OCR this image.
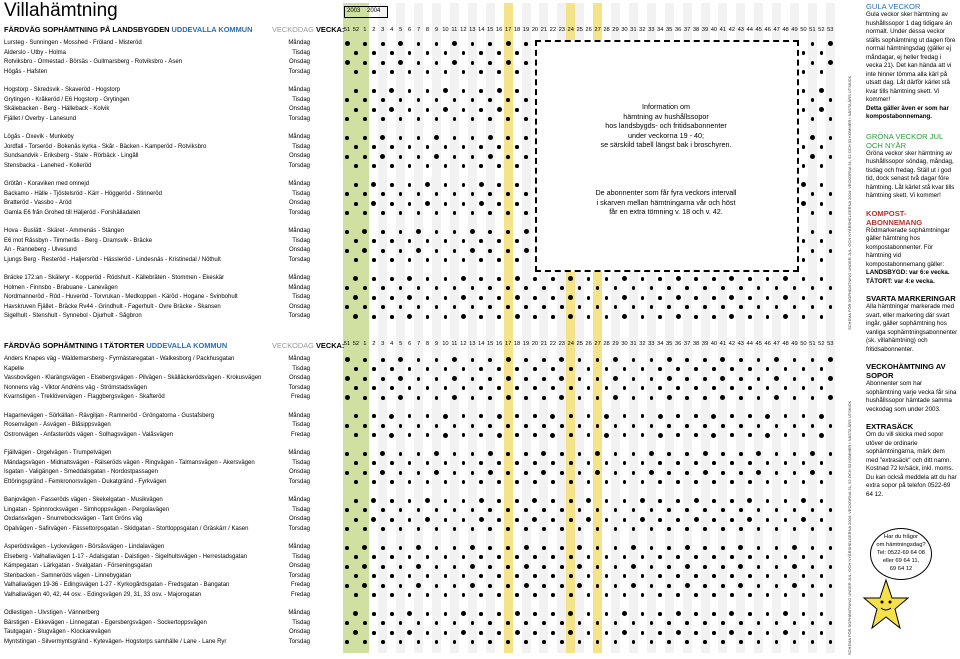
Villahämtning	2003 2004
FÄRDVÄG SOPHÄMTNING PÅ LANDSBYGDEN UDDEVALLA KOMMUN	VECKODAG VECKA: 51 52 1 2 3 4 5 6 7 8 9 10 11 12 13 14 15 16 17 18 19 20 21 22 23 24 25 26 27 28 29 30 31 32 33 34 35 36 37 38 39 40 41 42 43 44 45 46 47 48 49 50 51 52 53
Lursteg - Sunningen - Mosshed - Fröland - Misteröd	Måndag
Älderslo - Utby - Holma	Tisdag
Rotviksbro - Ormestad - Börsäs - Gullmarsberg - Rotviksbro - Åsen	Onsdag
Högås - Hafsten	Torsdag
Hogstorp - Skredsvik - Skaveröd - Hogstorp	Måndag
Grytingen - Kråkeröd / E6 Hogstorp - Grytingen	Tisdag
Skälebacken - Berg - Hälleback - Kolvik	Onsdag
Fjället / Överby - Lanesund	Torsdag
Lögås - Oxevik - Munkeby	Måndag
Jordfall - Torseröd - Bokenäs kyrka - Skår - Bäcken - Kamperöd - Rotviksbro	Tisdag
Sundsandvik - Eriksberg - Stale - Rörbäck - Lingåll	Onsdag
Stensbacka - Lanehed - Kolleröd	Torsdag
Grötån - Koraviken med omnejd	Måndag
Backamo - Hälle - Tjöstelsröd - Kärr - Höggeröd - Stinneröd	Tisdag
Bratteröd - Vassbo - Äröd	Onsdag
Gamla E6 från Grohed till Häljeröd - Forshälladalen	Torsdag
Hova - Buslätt - Skäret - Ammenäs - Stängen	Måndag
E6 mot Råssbyn - Timmerås - Berg - Dramsvik - Bräcke	Tisdag
Ån - Ranneberg - Ulvesund	Onsdag
Ljungs Berg - Resteröd - Haljersröd - Hässleröd - Lindesnäs - Kristinedal / Nöthult	Torsdag
Bräcke 172:an - Skäleryr - Kopperöd - Rödshult - Källebräten - Stommen - Ekeskär	Måndag
Holmen - Finnsbo - Brabuane - Lanevägen	Måndag
Nordmanneröd - Röd - Huveröd - Torvrukan - Medkoppen - Käröd - Hogane - Svinbohult	Tisdag
Havskruven Fjället - Bräcke Rv44 - Grindhult - Fagerhult - Övre Bräcke - Skansen	Onsdag
Sigelhult - Stenshult - Synnebol - Djurhult - Sågbron	Torsdag
FÄRDVÄG SOPHÄMTNING I TÄTORTER UDDEVALLA KOMMUN	VECKODAG VECKA: 51 52 1 2 3 4 5 6 7 8 9 10 11 12 13 14 15 16 17 18 19 20 21 22 23 24 25 26 27 28 29 30 31 32 33 34 35 36 37 38 39 40 41 42 43 44 45 46 47 48 49 50 51 52 53
Anders Knapes väg - Waldemarsberg - Fyrmästaregatan - Walkesborg / Packhusgatan	Måndag
Kapelle	Tisdag
Vassbovägen - Klarängsvägen - Elsebergsvägen - Pilvägen - Skälläckerödsvägen - Krokusvägen	Onsdag
Nonnens väg - Viktor Andréns väg - Strömstadsvägen	Torsdag
Kvarnstigen - Treklövervägen - Flaggbergsvägen - Skafteröd	Fredag
Hagarnevägen - Sörkällan - Rävgiljan - Ramneröd - Gröngatorna - Gustafsberg	Måndag
Rosenvägen - Åsvägen - Blåsippsvägen	Tisdag
Ostronvägen - Anfasteröds vägen - Solhagsvägen - Valåsvägen	Fredag
Fjällvägen - Orgelvägen - Trumpetvägen	Måndag
Mändagsvägen - Midnattsvägen - Rälseröds vägen - Ringvägen - Talmansvägen - Äkersvägen	Tisdag
Isgatan - Valigängen - Smeddalsgatan - Nordostpassagen	Onsdag
Ettöringsgränd - Femkronorsvägen - Dukatgränd - Fyrkvägen	Torsdag
Banjovägen - Fasseröds vägen - Skekelgatan - Musikvägen	Måndag
Lingatan - Spinnrocksvägen - Simhoppsvägen - Pergolavägen	Tisdag
Oxdansvägen - Snurrebocksvägen - Tant Gröns väg	Onsdag
Opalvägen - Safirvägen - Fässettorpsgatan - Skidgatan - Stortloppsgatan / Gräskärr / Kasen	Torsdag
Äsperödsvägen - Lyckevägen - Börsåsvägen - Lindalavägen	Måndag
Elseberg - Valhallavägen 1-17 - Ädalsgatan - Dalstigen - Sigelhultsvägen - Herrestadsgatan	Tisdag
Kämpegatan - Lärkgatan - Svalgatan - Förseningsgatan	Onsdag
Stenbacken - Samneröds vägen - Linnebygatan	Torsdag
Valhallavägen 19-36 - Edingsvägen 1-27 - Kyrkogårdsgatan - Fredsgatan - Bangatan	Fredag
Valhallavägen 40, 42, 44 osv. - Edingsvägen 29, 31, 33 osv. - Majorogatan	Fredag
Ödlestigen - Ulvstigen - Vännerberg	Måndag
Bärstigen - Ekkevägen - Linnegatan - Egersbergsvägen - Sockertoppsvägen	Tisdag
Tautgagan - Slugvägen - Klockarevägen	Onsdag
Myntstingan - Silvermyntsgränd - Kytevägen- Hogstorps samhälle / Lane - Lane Ryr	Torsdag
Information om
hämtning av hushållssopor
hos landsbygds- och fritidsabonnenter
under veckorna 19 - 40;
se särskild tabell längst bak i broschyren.
De abonnenter som får fyra veckors intervall
i skarven mellan hämtningarna vår och höst
får en extra tömning v. 18 och v. 42.
SCHEMA FÖR SOPHÄMTNING UNDER JUL- OCH NYÅRSHELGERNA 2004: VECKORNA 51, 52 OCH 53 KOMMER I NÄSTA ÅRS UTSKICK
SCHEMA FÖR SOPHÄMTNING UNDER JUL- OCH NYÅRSHELGERNA 2004: VECKORNA 51, 52 OCH 53 KOMMER I NÄSTA ÅRS UTSKICK
GULA VECKOR
Gula veckor sker hämtning av hushållssopor 1 dag tidigare än normalt. Under dessa veckor ställs sophämtning ut dagen före normal hämtningsdag (gäller ej måndagar, ej heller fredag i vecka 21). Det kan hända att vi inte hinner tömma alla kärl på utsatt dag. Låt därför kärlet stå kvar tills hämtning skett. Vi kommer!
Detta gäller även er som har kompostabonnemang.
GRÖNA VECKOR JUL OCH NYÅR
Gröna veckor sker hämtning av hushållssopor söndag, måndag, tisdag och fredag. Ställ ut i god tid, dock senast två dagar före hämtning. Låt kärlet stå kvar tills hämtning skett. Vi kommer!
KOMPOST-ABONNEMANG
Rödmarkerade sophämtningar gäller hämtning hos kompostabonnenter. För hämtning vid kompostabonnemang gäller:
LANDSBYGD: var 6:e vecka.
TÄTORT: var 4:e vecka.
SVARTA MARKERINGAR
Alla hämtningar markerade med svart, eller markering där svart ingår, gäller sophämtning hos vanliga sophämtningsabonnenter (sk. villahämtning) och fritidsabonnenter.
VECKOHÄMTNING AV SOPOR
Abonnenter som har sophämtning varje vecka får sina hushållssopor hämtade samma veckodag som under 2003.
EXTRASÄCK
Om du vill skicka med sopor utöver de ordinarie sophämtningarna, märk dem med "extrasäck" och ditt namn. Kostnad 72 kr/säck, inkl. moms. Du kan också meddela att du har extra sopor på telefon 0522-69 64 12.
Har du frågor
om hämtningsdag?
Tel: 0522-69 64 08
eller 69 64 11,
69 64 12
